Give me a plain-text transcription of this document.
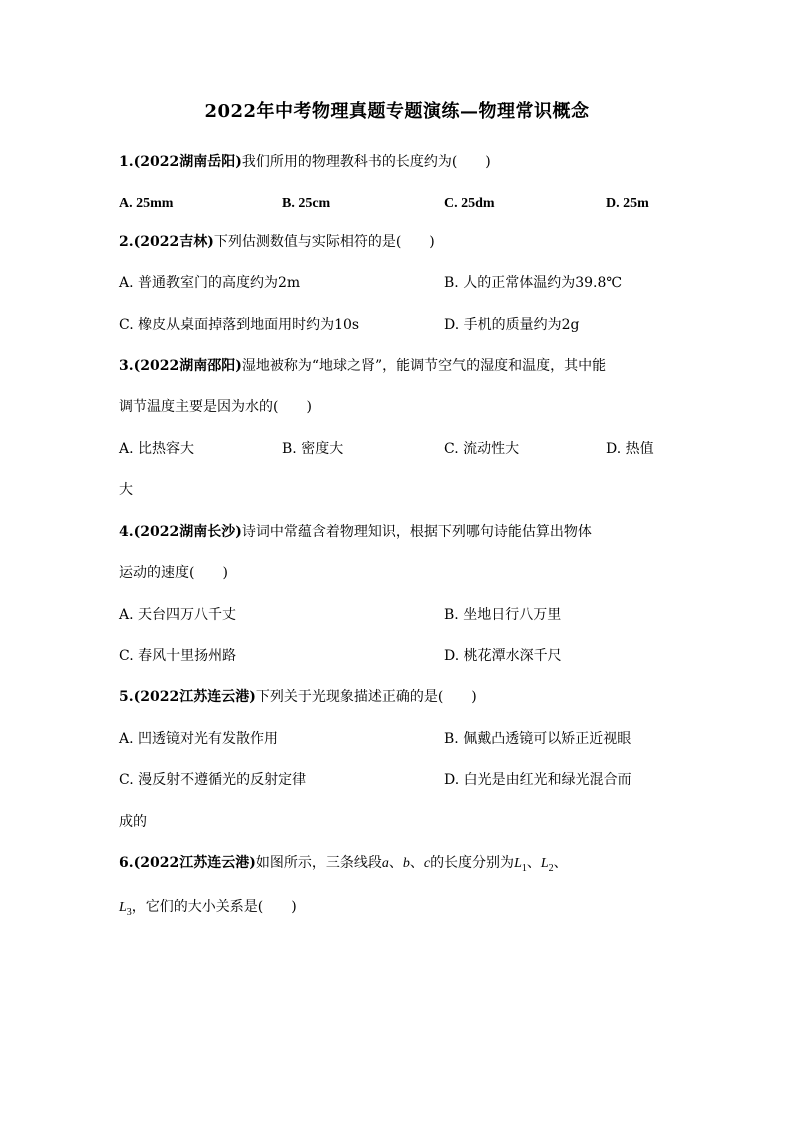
2022年中考物理真题专题演练—物理常识概念
1.(2022湖南岳阳)我们所用的物理教科书的长度约为(　　)
A. 25mm	B. 25cm	C. 25dm	D. 25m
2.(2022吉林)下列估测数值与实际相符的是(　　)
A. 普通教室门的高度约为2m	B. 人的正常体温约为39.8℃
C. 橡皮从桌面掉落到地面用时约为10s	D. 手机的质量约为2g
3.(2022湖南邵阳)湿地被称为“地球之肾”，能调节空气的湿度和温度，其中能
调节温度主要是因为水的(　　)
A. 比热容大	B. 密度大	C. 流动性大	D. 热值
大
4.(2022湖南长沙)诗词中常蕴含着物理知识，根据下列哪句诗能估算出物体
运动的速度(　　)
A. 天台四万八千丈	B. 坐地日行八万里
C. 春风十里扬州路	D. 桃花潭水深千尺
5.(2022江苏连云港)下列关于光现象描述正确的是(　　)
A. 凹透镜对光有发散作用	B. 佩戴凸透镜可以矫正近视眼
C. 漫反射不遵循光的反射定律	D. 白光是由红光和绿光混合而
成的
6.(2022江苏连云港)如图所示，三条线段a、b、c的长度分别为$L_1$、$L_2$、
$L_3$，它们的大小关系是(　　)
